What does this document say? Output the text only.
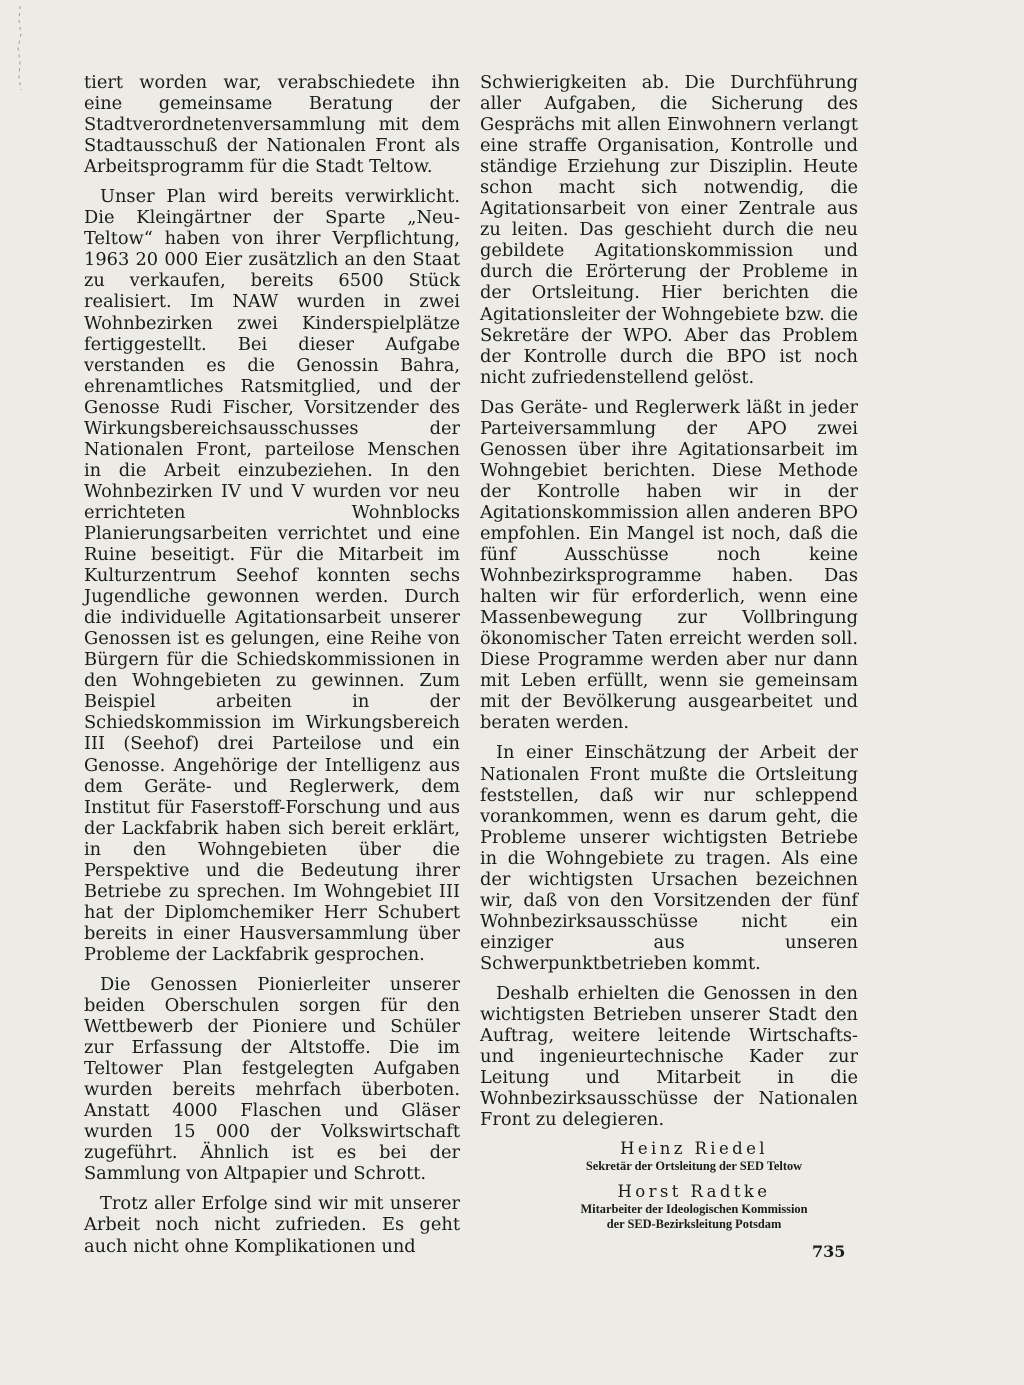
tiert worden war, verabschiedete ihn eine gemeinsame Beratung der Stadtverordnetenversammlung mit dem Stadtausschuß der Nationalen Front als Arbeitsprogramm für die Stadt Teltow.

Unser Plan wird bereits verwirklicht. Die Kleingärtner der Sparte „Neu-Teltow“ haben von ihrer Verpflichtung, 1963 20 000 Eier zusätzlich an den Staat zu verkaufen, bereits 6500 Stück realisiert. Im NAW wurden in zwei Wohnbezirken zwei Kinderspielplätze fertiggestellt. Bei dieser Aufgabe verstanden es die Genossin Bahra, ehrenamtliches Ratsmitglied, und der Genosse Rudi Fischer, Vorsitzender des Wirkungsbereichsausschusses der Nationalen Front, parteilose Menschen in die Arbeit einzubeziehen. In den Wohnbezirken IV und V wurden vor neu errichteten Wohnblocks Planierungsarbeiten verrichtet und eine Ruine beseitigt. Für die Mitarbeit im Kulturzentrum Seehof konnten sechs Jugendliche gewonnen werden. Durch die individuelle Agitationsarbeit unserer Genossen ist es gelungen, eine Reihe von Bürgern für die Schiedskommissionen in den Wohngebieten zu gewinnen. Zum Beispiel arbeiten in der Schiedskommission im Wirkungsbereich III (Seehof) drei Parteilose und ein Genosse. Angehörige der Intelligenz aus dem Geräte- und Reglerwerk, dem Institut für Faserstoff-Forschung und aus der Lackfabrik haben sich bereit erklärt, in den Wohngebieten über die Perspektive und die Bedeutung ihrer Betriebe zu sprechen. Im Wohngebiet III hat der Diplomchemiker Herr Schubert bereits in einer Hausversammlung über Probleme der Lackfabrik gesprochen.

Die Genossen Pionierleiter unserer beiden Oberschulen sorgen für den Wettbewerb der Pioniere und Schüler zur Erfassung der Altstoffe. Die im Teltower Plan festgelegten Aufgaben wurden bereits mehrfach überboten. Anstatt 4000 Flaschen und Gläser wurden 15 000 der Volkswirtschaft zugeführt. Ähnlich ist es bei der Sammlung von Altpapier und Schrott.

Trotz aller Erfolge sind wir mit unserer Arbeit noch nicht zufrieden. Es geht auch nicht ohne Komplikationen und

Schwierigkeiten ab. Die Durchführung aller Aufgaben, die Sicherung des Gesprächs mit allen Einwohnern verlangt eine straffe Organisation, Kontrolle und ständige Erziehung zur Disziplin. Heute schon macht sich notwendig, die Agitationsarbeit von einer Zentrale aus zu leiten. Das geschieht durch die neu gebildete Agitationskommission und durch die Erörterung der Probleme in der Ortsleitung. Hier berichten die Agitationsleiter der Wohngebiete bzw. die Sekretäre der WPO. Aber das Problem der Kontrolle durch die BPO ist noch nicht zufriedenstellend gelöst.

Das Geräte- und Reglerwerk läßt in jeder Parteiversammlung der APO zwei Genossen über ihre Agitationsarbeit im Wohngebiet berichten. Diese Methode der Kontrolle haben wir in der Agitationskommission allen anderen BPO empfohlen. Ein Mangel ist noch, daß die fünf Ausschüsse noch keine Wohnbezirksprogramme haben. Das halten wir für erforderlich, wenn eine Massenbewegung zur Vollbringung ökonomischer Taten erreicht werden soll. Diese Programme werden aber nur dann mit Leben erfüllt, wenn sie gemeinsam mit der Bevölkerung ausgearbeitet und beraten werden.

In einer Einschätzung der Arbeit der Nationalen Front mußte die Ortsleitung feststellen, daß wir nur schleppend vorankommen, wenn es darum geht, die Probleme unserer wichtigsten Betriebe in die Wohngebiete zu tragen. Als eine der wichtigsten Ursachen bezeichnen wir, daß von den Vorsitzenden der fünf Wohnbezirksausschüsse nicht ein einziger aus unseren Schwerpunktbetrieben kommt.

Deshalb erhielten die Genossen in den wichtigsten Betrieben unserer Stadt den Auftrag, weitere leitende Wirtschafts- und ingenieurtechnische Kader zur Leitung und Mitarbeit in die Wohnbezirksausschüsse der Nationalen Front zu delegieren.

Heinz Riedel
Sekretär der Ortsleitung der SED Teltow
Horst Radtke
Mitarbeiter der Ideologischen Kommission
der SED-Bezirksleitung Potsdam
735
